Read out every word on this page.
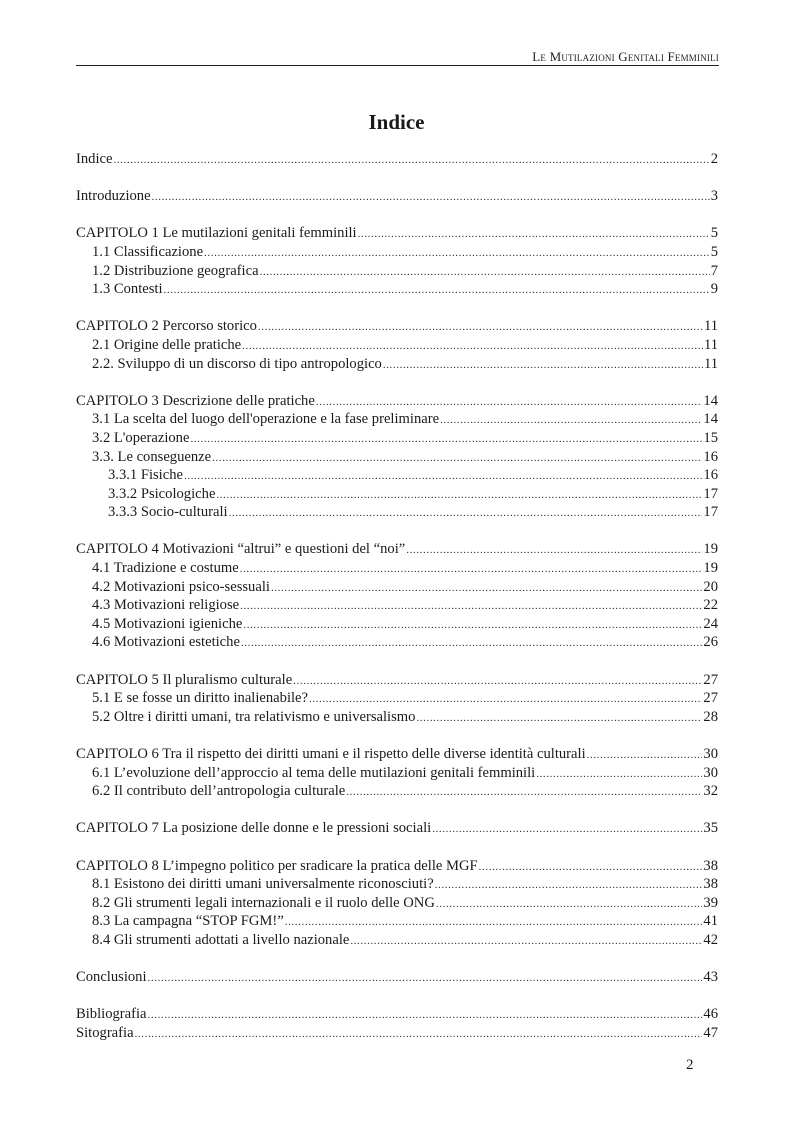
Le Mutilazioni Genitali Femminili
Indice
Indice .....	2
Introduzione .....	3
CAPITOLO 1 Le mutilazioni genitali femminili .....	5
1.1 Classificazione .....	5
1.2 Distribuzione geografica .....	7
1.3 Contesti .....	9
CAPITOLO 2 Percorso storico .....	11
2.1 Origine delle pratiche .....	11
2.2. Sviluppo di un discorso di tipo antropologico .....	11
CAPITOLO 3 Descrizione delle pratiche .....	14
3.1 La scelta del luogo dell'operazione e la fase preliminare .....	14
3.2 L'operazione .....	15
3.3. Le conseguenze .....	16
3.3.1 Fisiche .....	16
3.3.2 Psicologiche .....	17
3.3.3 Socio-culturali .....	17
CAPITOLO 4 Motivazioni “altrui” e questioni del “noi” .....	19
4.1 Tradizione e costume .....	19
4.2 Motivazioni psico-sessuali .....	20
4.3 Motivazioni religiose .....	22
4.5 Motivazioni igieniche .....	24
4.6 Motivazioni estetiche .....	26
CAPITOLO 5 Il pluralismo culturale .....	27
5.1 E se fosse un diritto inalienabile? .....	27
5.2 Oltre i diritti umani, tra relativismo e universalismo .....	28
CAPITOLO 6 Tra il rispetto dei diritti umani e il rispetto delle diverse identità culturali .....	30
6.1 L’evoluzione dell’approccio al tema delle mutilazioni genitali femminili .....	30
6.2 Il contributo dell’antropologia culturale .....	32
CAPITOLO 7 La posizione delle donne e le pressioni sociali .....	35
CAPITOLO 8 L’impegno politico per sradicare la pratica delle MGF .....	38
8.1 Esistono dei diritti umani universalmente riconosciuti? .....	38
8.2 Gli strumenti legali internazionali e il ruolo delle ONG .....	39
8.3 La campagna “STOP FGM!” .....	41
8.4 Gli strumenti adottati a livello nazionale .....	42
Conclusioni .....	43
Bibliografia .....	46
Sitografia .....	47
2
